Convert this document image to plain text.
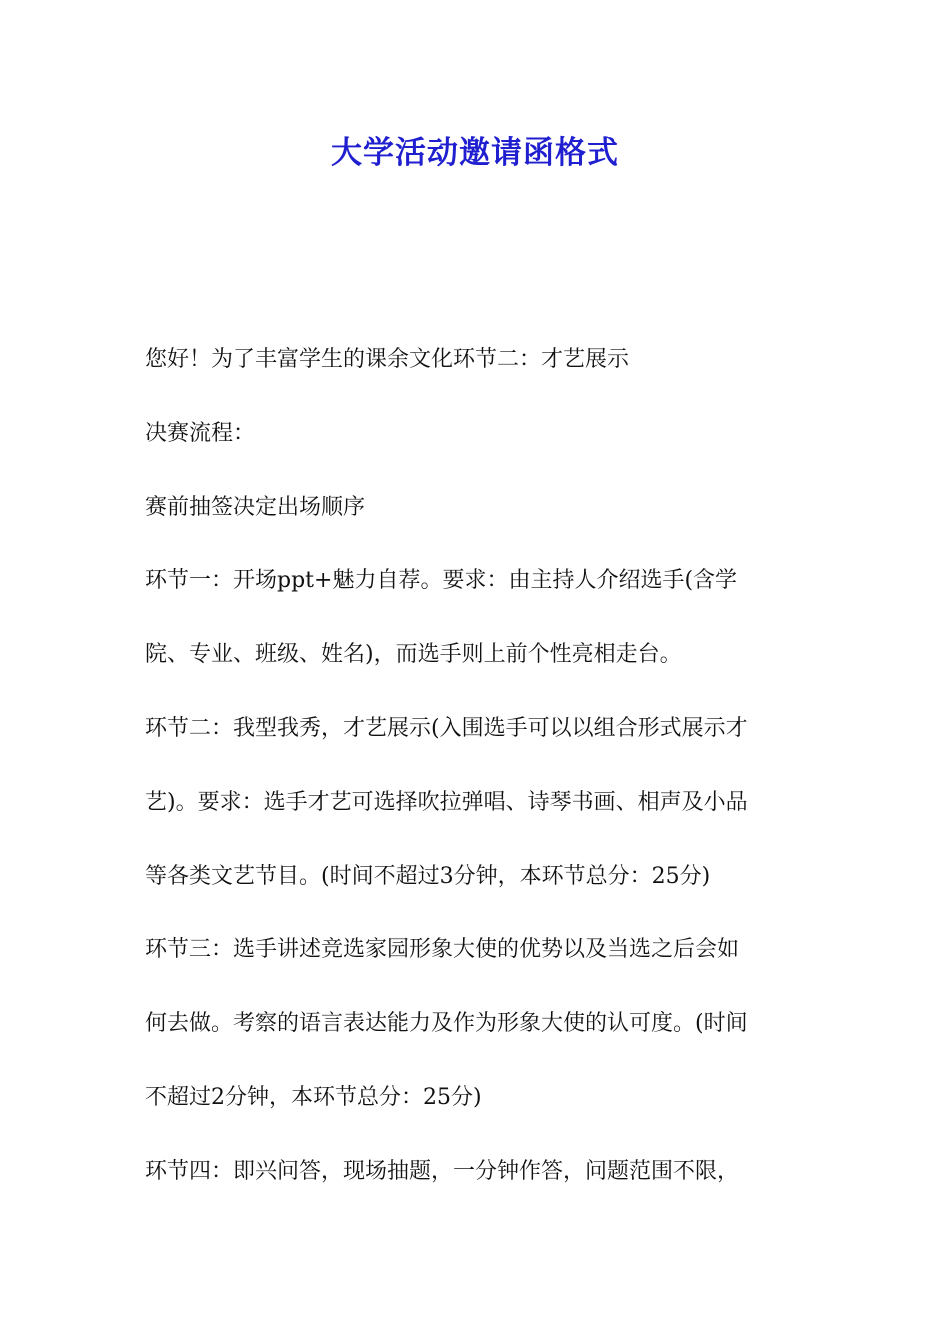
大学活动邀请函格式

您好！为了丰富学生的课余文化环节二：才艺展示

决赛流程：

赛前抽签决定出场顺序

环节一：开场ppt+魅力自荐。要求：由主持人介绍选手(含学

院、专业、班级、姓名)，而选手则上前个性亮相走台。

环节二：我型我秀，才艺展示(入围选手可以以组合形式展示才

艺)。要求：选手才艺可选择吹拉弹唱、诗琴书画、相声及小品

等各类文艺节目。(时间不超过3分钟，本环节总分：25分)

环节三：选手讲述竞选家园形象大使的优势以及当选之后会如

何去做。考察的语言表达能力及作为形象大使的认可度。(时间

不超过2分钟，本环节总分：25分)

环节四：即兴问答，现场抽题，一分钟作答，问题范围不限，
